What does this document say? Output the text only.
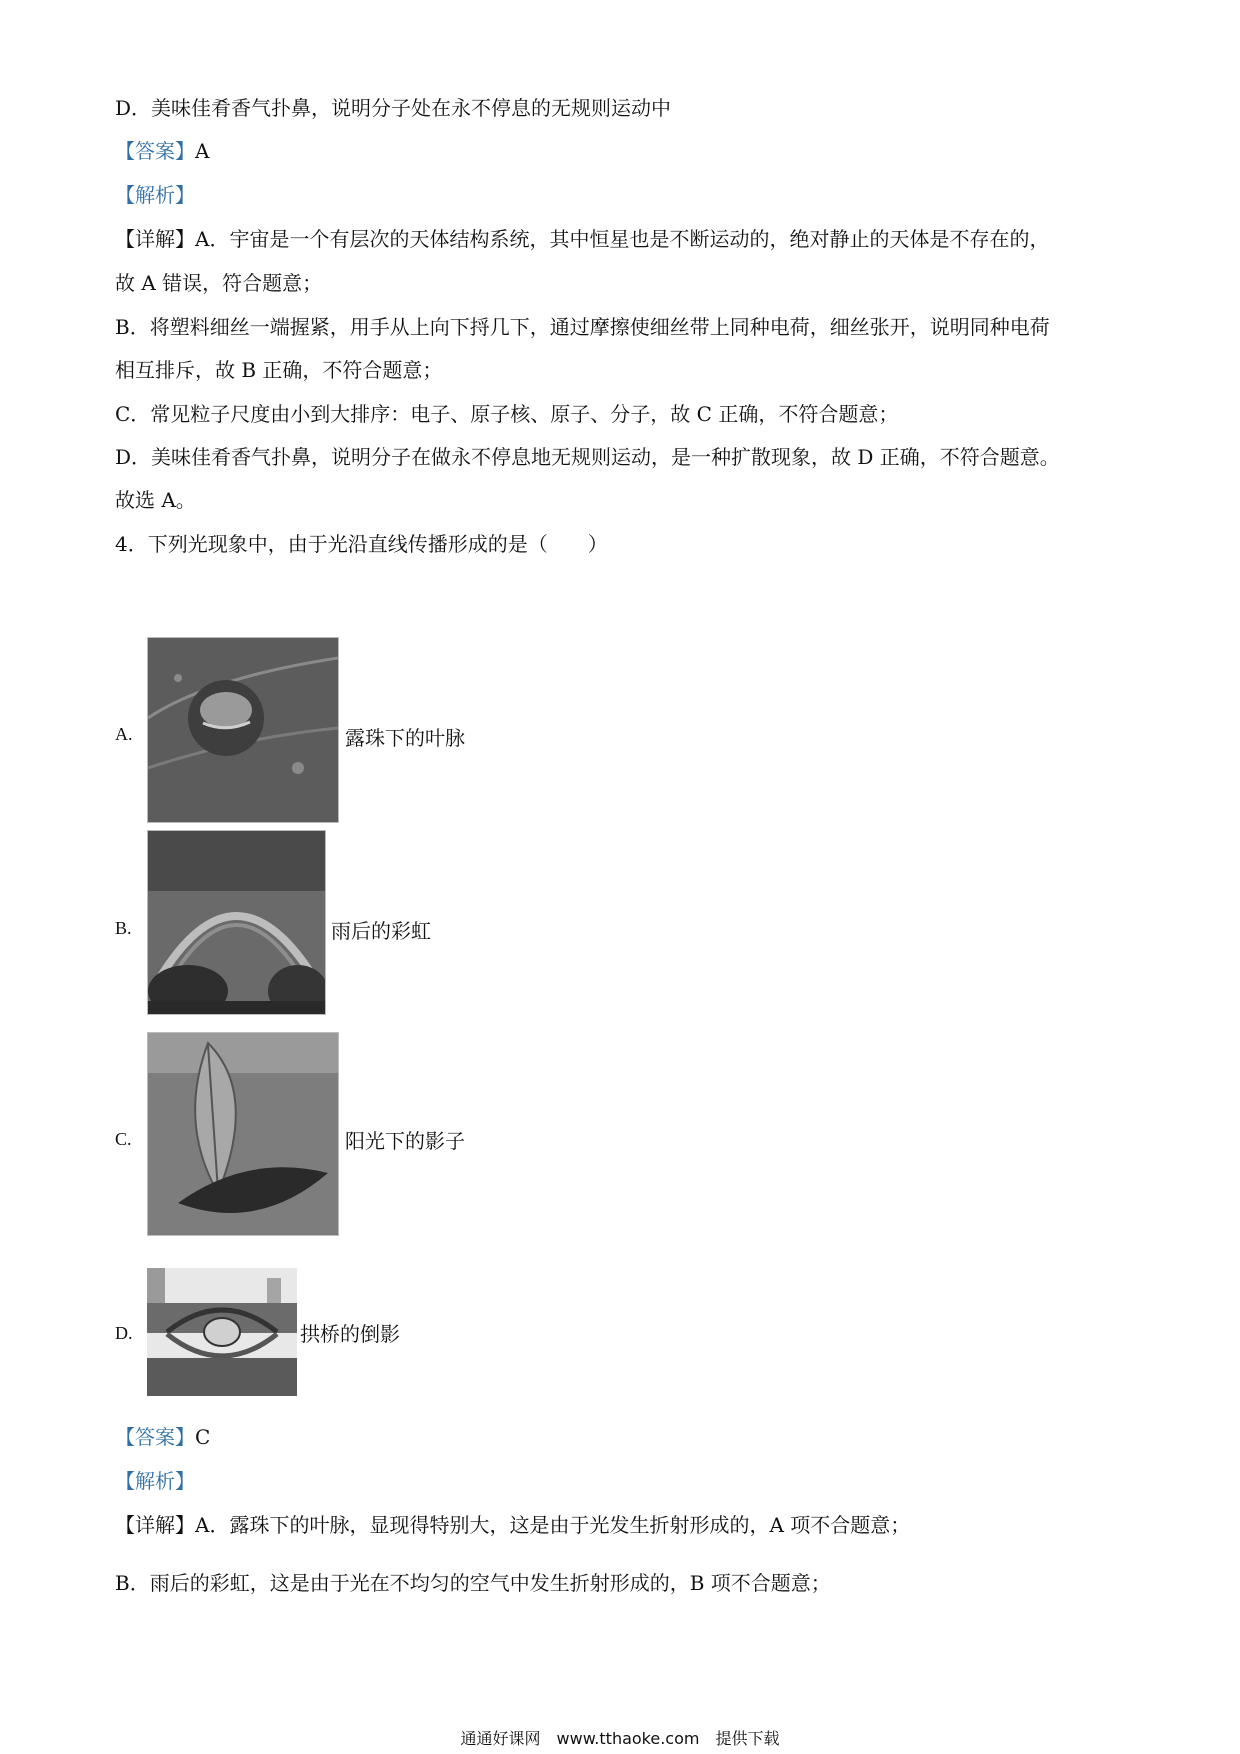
D．美味佳肴香气扑鼻，说明分子处在永不停息的无规则运动中
【答案】A
【解析】
【详解】A．宇宙是一个有层次的天体结构系统，其中恒星也是不断运动的，绝对静止的天体是不存在的，
故 A 错误，符合题意；
B．将塑料细丝一端握紧，用手从上向下捋几下，通过摩擦使细丝带上同种电荷，细丝张开，说明同种电荷
相互排斥，故 B 正确，不符合题意；
C．常见粒子尺度由小到大排序：电子、原子核、原子、分子，故 C 正确，不符合题意；
D．美味佳肴香气扑鼻，说明分子在做永不停息地无规则运动，是一种扩散现象，故 D 正确，不符合题意。
故选 A。
4．下列光现象中，由于光沿直线传播形成的是（　　）
A.	露珠下的叶脉
B.	雨后的彩虹
C.	阳光下的影子
D.	拱桥的倒影
【答案】C
【解析】
【详解】A．露珠下的叶脉，显现得特别大，这是由于光发生折射形成的，A 项不合题意；
B．雨后的彩虹，这是由于光在不均匀的空气中发生折射形成的，B 项不合题意；
通通好课网　www.tthaoke.com　提供下载
